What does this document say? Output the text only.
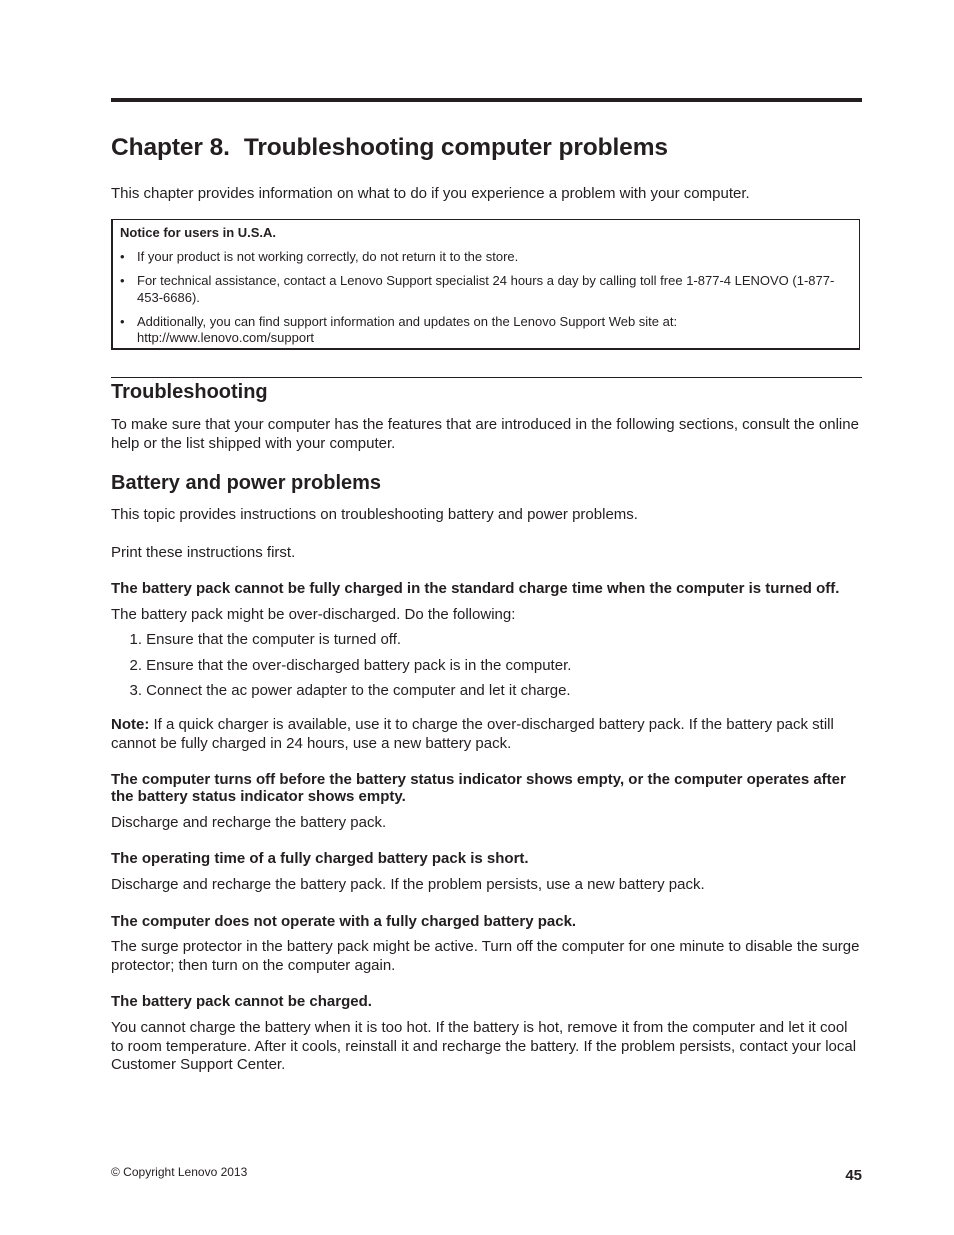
Chapter 8. Troubleshooting computer problems

This chapter provides information on what to do if you experience a problem with your computer.

Notice for users in U.S.A.

• If your product is not working correctly, do not return it to the store.
• For technical assistance, contact a Lenovo Support specialist 24 hours a day by calling toll free 1-877-4 LENOVO (1-877-453-6686).
• Additionally, you can find support information and updates on the Lenovo Support Web site at: http://www.lenovo.com/support
Troubleshooting

To make sure that your computer has the features that are introduced in the following sections, consult the online help or the list shipped with your computer.

Battery and power problems

This topic provides instructions on troubleshooting battery and power problems.

Print these instructions first.

The battery pack cannot be fully charged in the standard charge time when the computer is turned off.

The battery pack might be over-discharged. Do the following:

1. Ensure that the computer is turned off.
2. Ensure that the over-discharged battery pack is in the computer.
3. Connect the ac power adapter to the computer and let it charge.

Note: If a quick charger is available, use it to charge the over-discharged battery pack. If the battery pack still cannot be fully charged in 24 hours, use a new battery pack.

The computer turns off before the battery status indicator shows empty, or the computer operates after the battery status indicator shows empty.

Discharge and recharge the battery pack.

The operating time of a fully charged battery pack is short.

Discharge and recharge the battery pack. If the problem persists, use a new battery pack.

The computer does not operate with a fully charged battery pack.

The surge protector in the battery pack might be active. Turn off the computer for one minute to disable the surge protector; then turn on the computer again.

The battery pack cannot be charged.

You cannot charge the battery when it is too hot. If the battery is hot, remove it from the computer and let it cool to room temperature. After it cools, reinstall it and recharge the battery. If the problem persists, contact your local Customer Support Center.

© Copyright Lenovo 2013	45
